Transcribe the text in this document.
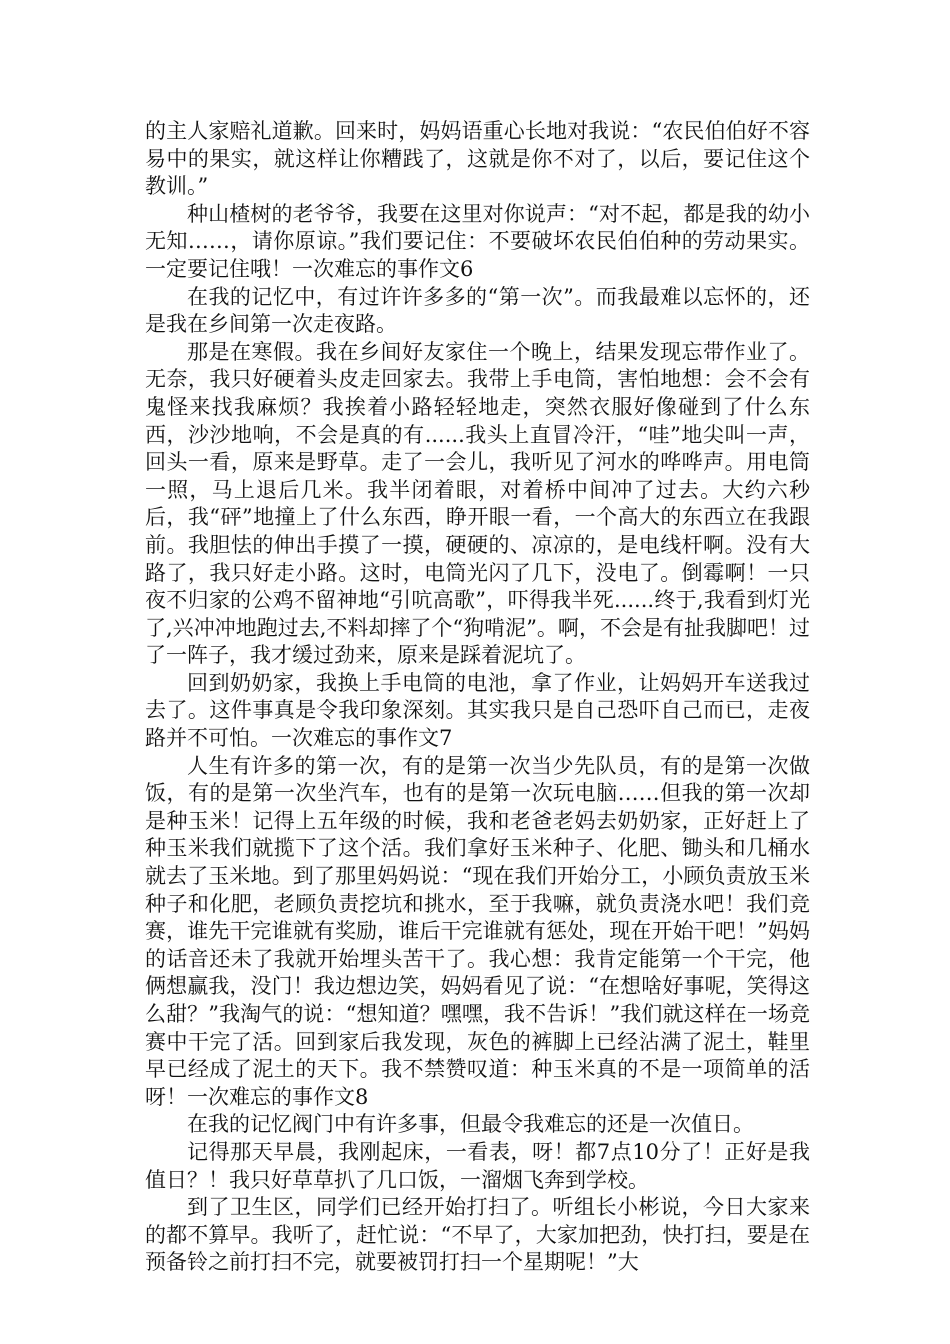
的主人家赔礼道歉。回来时，妈妈语重心长地对我说：“农民伯伯好不容易中的果实，就这样让你糟践了，这就是你不对了，以后，要记住这个教训。”

种山楂树的老爷爷，我要在这里对你说声：“对不起，都是我的幼小无知……，请你原谅。”我们要记住：不要破坏农民伯伯种的劳动果实。一定要记住哦！一次难忘的事作文6

在我的记忆中，有过许许多多的“第一次”。而我最难以忘怀的，还是我在乡间第一次走夜路。

那是在寒假。我在乡间好友家住一个晚上，结果发现忘带作业了。无奈，我只好硬着头皮走回家去。我带上手电筒，害怕地想：会不会有鬼怪来找我麻烦？我挨着小路轻轻地走，突然衣服好像碰到了什么东西，沙沙地响，不会是真的有......我头上直冒冷汗，“哇”地尖叫一声，回头一看，原来是野草。走了一会儿，我听见了河水的哗哗声。用电筒一照，马上退后几米。我半闭着眼，对着桥中间冲了过去。大约六秒后，我“砰”地撞上了什么东西，睁开眼一看，一个高大的东西立在我跟前。我胆怯的伸出手摸了一摸，硬硬的、凉凉的，是电线杆啊。没有大路了，我只好走小路。这时，电筒光闪了几下，没电了。倒霉啊！一只夜不归家的公鸡不留神地“引吭高歌”，吓得我半死......终于,我看到灯光了,兴冲冲地跑过去,不料却摔了个“狗啃泥”。啊，不会是有扯我脚吧！过了一阵子，我才缓过劲来，原来是踩着泥坑了。

回到奶奶家，我换上手电筒的电池，拿了作业，让妈妈开车送我过去了。这件事真是令我印象深刻。其实我只是自己恐吓自己而已，走夜路并不可怕。一次难忘的事作文7

人生有许多的第一次，有的是第一次当少先队员，有的是第一次做饭，有的是第一次坐汽车，也有的是第一次玩电脑……但我的第一次却是种玉米！记得上五年级的时候，我和老爸老妈去奶奶家，正好赶上了种玉米我们就揽下了这个活。我们拿好玉米种子、化肥、锄头和几桶水就去了玉米地。到了那里妈妈说：“现在我们开始分工，小顾负责放玉米种子和化肥，老顾负责挖坑和挑水，至于我嘛，就负责浇水吧！我们竞赛，谁先干完谁就有奖励，谁后干完谁就有惩处，现在开始干吧！”妈妈的话音还未了我就开始埋头苦干了。我心想：我肯定能第一个干完，他俩想赢我，没门！我边想边笑，妈妈看见了说：“在想啥好事呢，笑得这么甜？”我淘气的说：“想知道？嘿嘿，我不告诉！”我们就这样在一场竞赛中干完了活。回到家后我发现，灰色的裤脚上已经沾满了泥土，鞋里早已经成了泥土的天下。我不禁赞叹道：种玉米真的不是一项简单的活呀！一次难忘的事作文8

在我的记忆阀门中有许多事，但最令我难忘的还是一次值日。

记得那天早晨，我刚起床，一看表，呀！都7点10分了！正好是我值日？！我只好草草扒了几口饭，一溜烟飞奔到学校。

到了卫生区，同学们已经开始打扫了。听组长小彬说，今日大家来的都不算早。我听了，赶忙说：“不早了，大家加把劲，快打扫，要是在预备铃之前打扫不完，就要被罚打扫一个星期呢！”大
